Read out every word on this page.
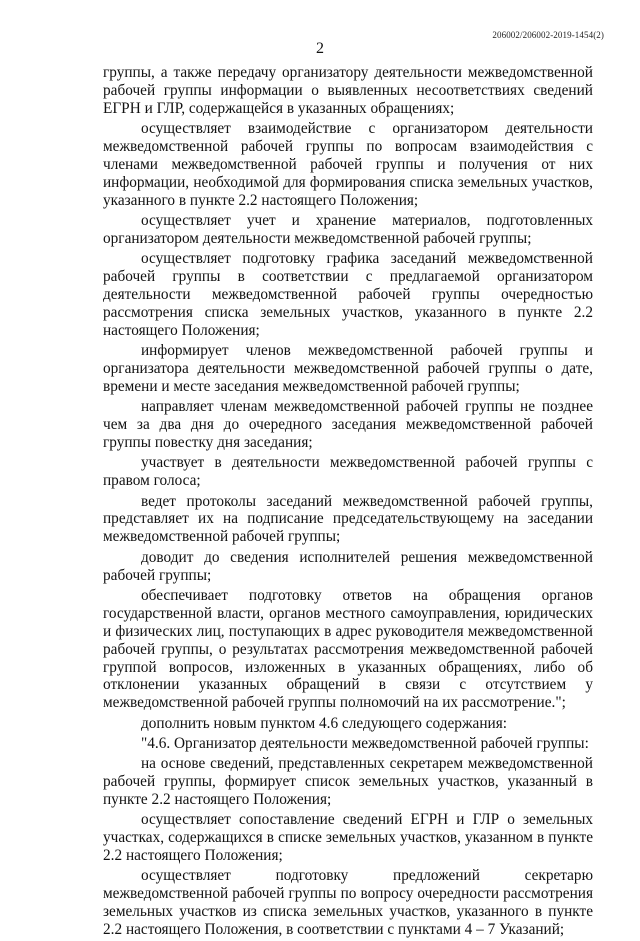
206002/206002-2019-1454(2)
2

группы, а также передачу организатору деятельности межведомственной рабочей группы информации о выявленных несоответствиях сведений ЕГРН и ГЛР, содержащейся в указанных обращениях;

осуществляет взаимодействие с организатором деятельности межведомственной рабочей группы по вопросам взаимодействия с членами межведомственной рабочей группы и получения от них информации, необходимой для формирования списка земельных участков, указанного в пункте 2.2 настоящего Положения;

осуществляет учет и хранение материалов, подготовленных организатором деятельности межведомственной рабочей группы;

осуществляет подготовку графика заседаний межведомственной рабочей группы в соответствии с предлагаемой организатором деятельности межведомственной рабочей группы очередностью рассмотрения списка земельных участков, указанного в пункте 2.2 настоящего Положения;

информирует членов межведомственной рабочей группы и организатора деятельности межведомственной рабочей группы о дате, времени и месте заседания межведомственной рабочей группы;

направляет членам межведомственной рабочей группы не позднее чем за два дня до очередного заседания межведомственной рабочей группы повестку дня заседания;

участвует в деятельности межведомственной рабочей группы с правом голоса;

ведет протоколы заседаний межведомственной рабочей группы, представляет их на подписание председательствующему на заседании межведомственной рабочей группы;

доводит до сведения исполнителей решения межведомственной рабочей группы;

обеспечивает подготовку ответов на обращения органов государственной власти, органов местного самоуправления, юридических и физических лиц, поступающих в адрес руководителя межведомственной рабочей группы, о результатах рассмотрения межведомственной рабочей группой вопросов, изложенных в указанных обращениях, либо об отклонении указанных обращений в связи с отсутствием у межведомственной рабочей группы полномочий на их рассмотрение.";

дополнить новым пунктом 4.6 следующего содержания:

"4.6. Организатор деятельности межведомственной рабочей группы:

на основе сведений, представленных секретарем межведомственной рабочей группы, формирует список земельных участков, указанный в пункте 2.2 настоящего Положения;

осуществляет сопоставление сведений ЕГРН и ГЛР о земельных участках, содержащихся в списке земельных участков, указанном в пункте 2.2 настоящего Положения;

осуществляет подготовку предложений секретарю межведомственной рабочей группы по вопросу очередности рассмотрения земельных участков из списка земельных участков, указанного в пункте 2.2 настоящего Положения, в соответствии с пунктами 4 – 7 Указаний;
